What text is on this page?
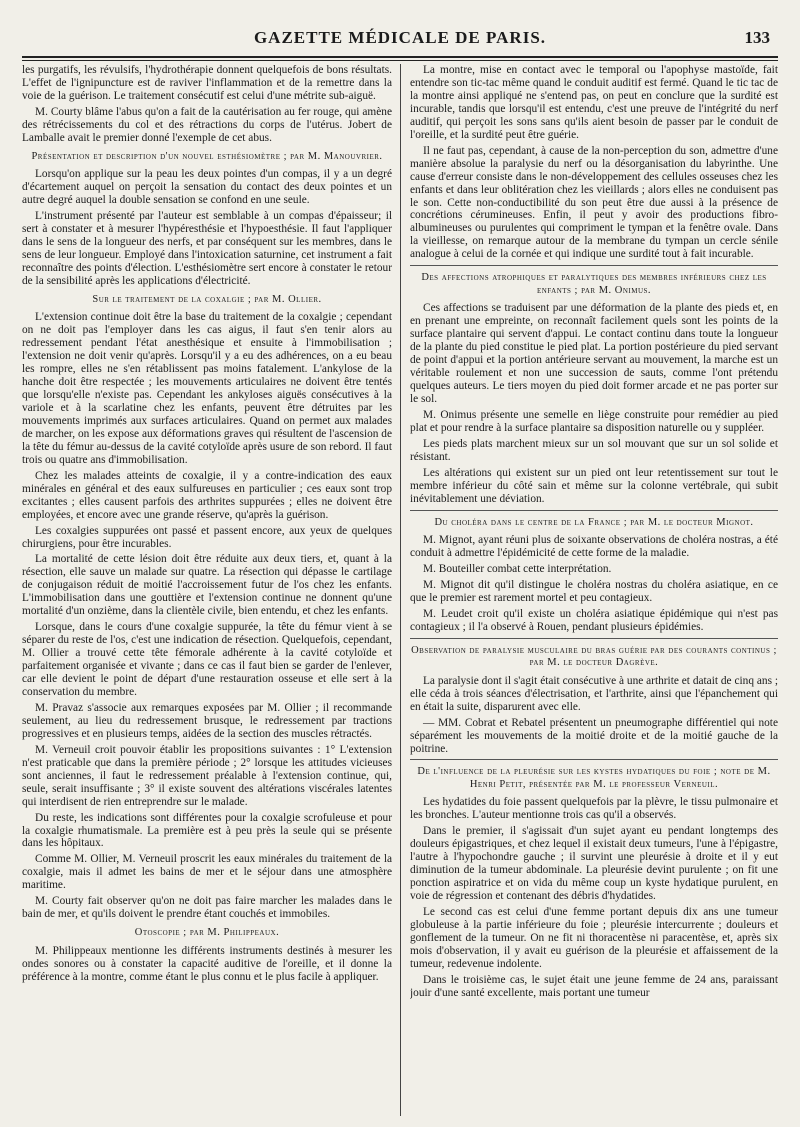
GAZETTE MÉDICALE DE PARIS.	133

les purgatifs, les révulsifs, l'hydrothérapie donnent quelquefois de bons résultats. L'effet de l'ignipuncture est de raviver l'inflammation et de la remettre dans la voie de la guérison. Le traitement consécutif est celui d'une métrite sub-aiguë.

M. Courty blâme l'abus qu'on a fait de la cautérisation au fer rouge, qui amène des rétrécissements du col et des rétractions du corps de l'utérus. Jobert de Lamballe avait le premier donné l'exemple de cet abus.

Présentation et description d'un nouvel esthésiomètre ; par M. Manouvrier.

Lorsqu'on applique sur la peau les deux pointes d'un compas, il y a un degré d'écartement auquel on perçoit la sensation du contact des deux pointes et un autre degré auquel la double sensation se confond en une seule.

L'instrument présenté par l'auteur est semblable à un compas d'épaisseur; il sert à constater et à mesurer l'hypéresthésie et l'hypoesthésie. Il faut l'appliquer dans le sens de la longueur des nerfs, et par conséquent sur les membres, dans le sens de leur longueur. Employé dans l'intoxication saturnine, cet instrument a fait reconnaître des points d'élection. L'esthésiomètre sert encore à constater le retour de la sensibilité après les applications d'électricité.

Sur le traitement de la coxalgie ; par M. Ollier.

L'extension continue doit être la base du traitement de la coxalgie ; cependant on ne doit pas l'employer dans les cas aigus, il faut s'en tenir alors au redressement pendant l'état anesthésique et ensuite à l'immobilisation ; l'extension ne doit venir qu'après. Lorsqu'il y a eu des adhérences, on a eu beau les rompre, elles ne s'en rétablissent pas moins fatalement. L'ankylose de la hanche doit être respectée ; les mouvements articulaires ne doivent être tentés que lorsqu'elle n'existe pas. Cependant les ankyloses aiguës consécutives à la variole et à la scarlatine chez les enfants, peuvent être détruites par les mouvements imprimés aux surfaces articulaires. Quand on permet aux malades de marcher, on les expose aux déformations graves qui résultent de l'ascension de la tête du fémur au-dessus de la cavité cotyloïde après usure de son rebord. Il faut trois ou quatre ans d'immobilisation.

Chez les malades atteints de coxalgie, il y a contre-indication des eaux minérales en général et des eaux sulfureuses en particulier ; ces eaux sont trop excitantes ; elles causent parfois des arthrites suppurées ; elles ne doivent être employées, et encore avec une grande réserve, qu'après la guérison.

Les coxalgies suppurées ont passé et passent encore, aux yeux de quelques chirurgiens, pour être incurables.

La mortalité de cette lésion doit être réduite aux deux tiers, et, quant à la résection, elle sauve un malade sur quatre. La résection qui dépasse le cartilage de conjugaison réduit de moitié l'accroissement futur de l'os chez les enfants. L'immobilisation dans une gouttière et l'extension continue ne donnent qu'une mortalité d'un onzième, dans la clientèle civile, bien entendu, et chez les enfants.

Lorsque, dans le cours d'une coxalgie suppurée, la tête du fémur vient à se séparer du reste de l'os, c'est une indication de résection. Quelquefois, cependant, M. Ollier a trouvé cette tête fémorale adhérente à la cavité cotyloïde et parfaitement organisée et vivante ; dans ce cas il faut bien se garder de l'enlever, car elle devient le point de départ d'une restauration osseuse et elle sert à la conservation du membre.

M. Pravaz s'associe aux remarques exposées par M. Ollier ; il recommande seulement, au lieu du redressement brusque, le redressement par tractions progressives et en plusieurs temps, aidées de la section des muscles rétractés.

M. Verneuil croit pouvoir établir les propositions suivantes : 1° L'extension n'est praticable que dans la première période ; 2° lorsque les attitudes vicieuses sont anciennes, il faut le redressement préalable à l'extension continue, qui, seule, serait insuffisante ; 3° il existe souvent des altérations viscérales latentes qui interdisent de rien entreprendre sur le malade.

Du reste, les indications sont différentes pour la coxalgie scrofuleuse et pour la coxalgie rhumatismale. La première est à peu près la seule qui se présente dans les hôpitaux.

Comme M. Ollier, M. Verneuil proscrit les eaux minérales du traitement de la coxalgie, mais il admet les bains de mer et le séjour dans une atmosphère maritime.

M. Courty fait observer qu'on ne doit pas faire marcher les malades dans le bain de mer, et qu'ils doivent le prendre étant couchés et immobiles.

Otoscopie ; par M. Philippeaux.

M. Philippeaux mentionne les différents instruments destinés à mesurer les ondes sonores ou à constater la capacité auditive de l'oreille, et il donne la préférence à la montre, comme étant le plus connu et le plus facile à appliquer.

La montre, mise en contact avec le temporal ou l'apophyse mastoïde, fait entendre son tic-tac même quand le conduit auditif est fermé. Quand le tic tac de la montre ainsi appliqué ne s'entend pas, on peut en conclure que la surdité est incurable, tandis que lorsqu'il est entendu, c'est une preuve de l'intégrité du nerf auditif, qui perçoit les sons sans qu'ils aient besoin de passer par le conduit de l'oreille, et la surdité peut être guérie.

Il ne faut pas, cependant, à cause de la non-perception du son, admettre d'une manière absolue la paralysie du nerf ou la désorganisation du labyrinthe. Une cause d'erreur consiste dans le non-développement des cellules osseuses chez les enfants et dans leur oblitération chez les vieillards ; alors elles ne conduisent pas le son. Cette non-conductibilité du son peut être due aussi à la présence de concrétions cérumineuses. Enfin, il peut y avoir des productions fibro-albumineuses ou purulentes qui compriment le tympan et la fenêtre ovale. Dans la vieillesse, on remarque autour de la membrane du tympan un cercle sénile analogue à celui de la cornée et qui indique une surdité tout à fait incurable.

Des affections atrophiques et paralytiques des membres inférieurs chez les enfants ; par M. Onimus.

Ces affections se traduisent par une déformation de la plante des pieds et, en en prenant une empreinte, on reconnaît facilement quels sont les points de la surface plantaire qui servent d'appui. Le contact continu dans toute la longueur de la plante du pied constitue le pied plat. La portion postérieure du pied servant de point d'appui et la portion antérieure servant au mouvement, la marche est un véritable roulement et non une succession de sauts, comme l'ont prétendu quelques auteurs. Le tiers moyen du pied doit former arcade et ne pas porter sur le sol.

M. Onimus présente une semelle en liège construite pour remédier au pied plat et pour rendre à la surface plantaire sa disposition naturelle ou y suppléer.

Les pieds plats marchent mieux sur un sol mouvant que sur un sol solide et résistant.

Les altérations qui existent sur un pied ont leur retentissement sur tout le membre inférieur du côté sain et même sur la colonne vertébrale, qui subit inévitablement une déviation.

Du choléra dans le centre de la France ; par M. le docteur Mignot.

M. Mignot, ayant réuni plus de soixante observations de choléra nostras, a été conduit à admettre l'épidémicité de cette forme de la maladie.

M. Bouteiller combat cette interprétation.

M. Mignot dit qu'il distingue le choléra nostras du choléra asiatique, en ce que le premier est rarement mortel et peu contagieux.

M. Leudet croit qu'il existe un choléra asiatique épidémique qui n'est pas contagieux ; il l'a observé à Rouen, pendant plusieurs épidémies.

Observation de paralysie musculaire du bras guérie par des courants continus ; par M. le docteur Dagrève.

La paralysie dont il s'agit était consécutive à une arthrite et datait de cinq ans ; elle céda à trois séances d'électrisation, et l'arthrite, ainsi que l'épanchement qui en était la suite, disparurent avec elle.

— MM. Cobrat et Rebatel présentent un pneumographe différentiel qui note séparément les mouvements de la moitié droite et de la moitié gauche de la poitrine.

De l'influence de la pleurésie sur les kystes hydatiques du foie ; note de M. Henri Petit, présentée par M. le professeur Verneuil.

Les hydatides du foie passent quelquefois par la plèvre, le tissu pulmonaire et les bronches. L'auteur mentionne trois cas qu'il a observés.

Dans le premier, il s'agissait d'un sujet ayant eu pendant longtemps des douleurs épigastriques, et chez lequel il existait deux tumeurs, l'une à l'épigastre, l'autre à l'hypochondre gauche ; il survint une pleurésie à droite et il y eut diminution de la tumeur abdominale. La pleurésie devint purulente ; on fit une ponction aspiratrice et on vida du même coup un kyste hydatique purulent, en voie de régression et contenant des débris d'hydatides.

Le second cas est celui d'une femme portant depuis dix ans une tumeur globuleuse à la partie inférieure du foie ; pleurésie intercurrente ; douleurs et gonflement de la tumeur. On ne fit ni thoracentèse ni paracentèse, et, après six mois d'observation, il y avait eu guérison de la pleurésie et affaissement de la tumeur, redevenue indolente.

Dans le troisième cas, le sujet était une jeune femme de 24 ans, paraissant jouir d'une santé excellente, mais portant une tumeur
